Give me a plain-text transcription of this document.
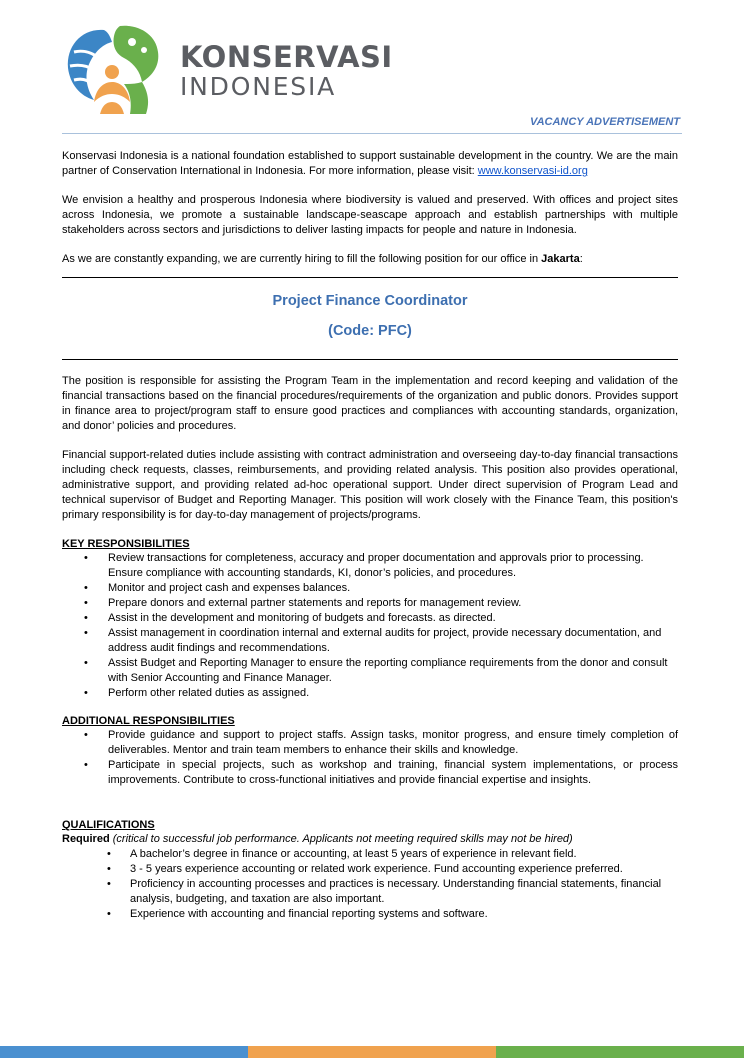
KONSERVASI
INDONESIA
VACANCY ADVERTISEMENT

Konservasi Indonesia is a national foundation established to support sustainable development in the country. We are the main partner of Conservation International in Indonesia. For more information, please visit: www.konservasi-id.org

We envision a healthy and prosperous Indonesia where biodiversity is valued and preserved. With offices and project sites across Indonesia, we promote a sustainable landscape-seascape approach and establish partnerships with multiple stakeholders across sectors and jurisdictions to deliver lasting impacts for people and nature in Indonesia.

As we are constantly expanding, we are currently hiring to fill the following position for our office in Jakarta:

Project Finance Coordinator
(Code: PFC)

The position is responsible for assisting the Program Team in the implementation and record keeping and validation of the financial transactions based on the financial procedures/requirements of the organization and public donors. Provides support in finance area to project/program staff to ensure good practices and compliances with accounting standards, organization, and donor’ policies and procedures.

Financial support-related duties include assisting with contract administration and overseeing day-to-day financial transactions including check requests, classes, reimbursements, and providing related analysis. This position also provides operational, administrative support, and providing related ad-hoc operational support. Under direct supervision of Program Lead and technical supervisor of Budget and Reporting Manager. This position will work closely with the Finance Team, this position's primary responsibility is for day-to-day management of projects/programs.

KEY RESPONSIBILITIES

• Review transactions for completeness, accuracy and proper documentation and approvals prior to processing. Ensure compliance with accounting standards, KI, donor’s policies, and procedures.
• Monitor and project cash and expenses balances.
• Prepare donors and external partner statements and reports for management review.
• Assist in the development and monitoring of budgets and forecasts. as directed.
• Assist management in coordination internal and external audits for project, provide necessary documentation, and address audit findings and recommendations.
• Assist Budget and Reporting Manager to ensure the reporting compliance requirements from the donor and consult with Senior Accounting and Finance Manager.
• Perform other related duties as assigned.

ADDITIONAL RESPONSIBILITIES

• Provide guidance and support to project staffs. Assign tasks, monitor progress, and ensure timely completion of deliverables. Mentor and train team members to enhance their skills and knowledge.
• Participate in special projects, such as workshop and training, financial system implementations, or process improvements. Contribute to cross-functional initiatives and provide financial expertise and insights.

QUALIFICATIONS

Required (critical to successful job performance. Applicants not meeting required skills may not be hired)

• A bachelor’s degree in finance or accounting, at least 5 years of experience in relevant field.
• 3 - 5 years experience accounting or related work experience. Fund accounting experience preferred.
• Proficiency in accounting processes and practices is necessary. Understanding financial statements, financial analysis, budgeting, and taxation are also important.
• Experience with accounting and financial reporting systems and software.
